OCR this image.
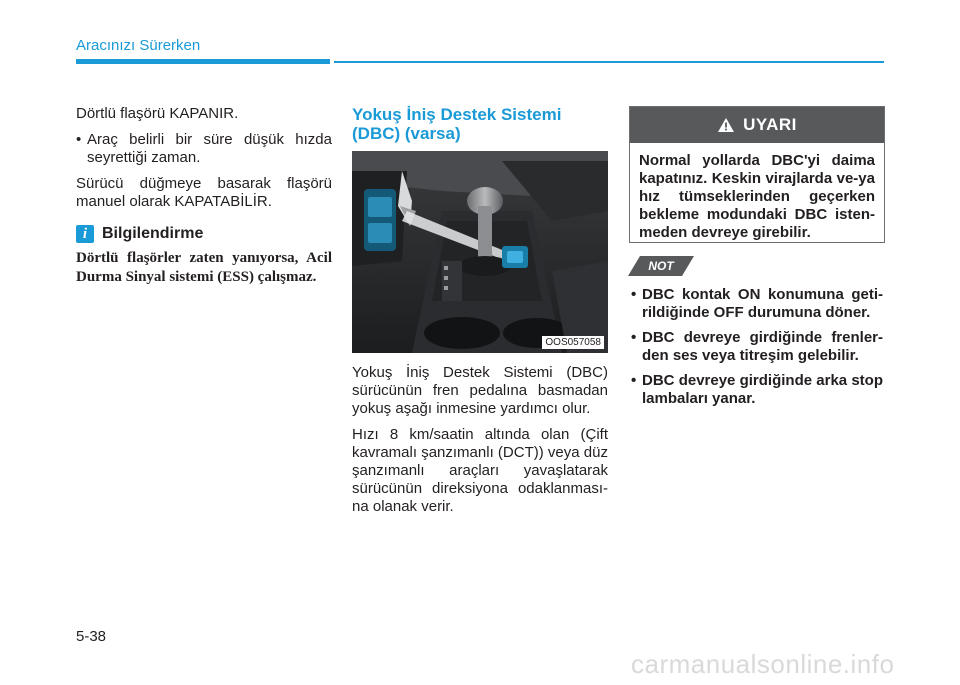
Aracınızı Sürerken

Dörtlü flaşörü KAPANIR.

• Araç belirli bir süre düşük hızda seyrettiği zaman.

Sürücü düğmeye basarak flaşörü manuel olarak KAPATABİLİR.

i Bilgilendirme
Dörtlü flaşörler zaten yanıyorsa, Acil Durma Sinyal sistemi (ESS) çalışmaz.
Yokuş İniş Destek Sistemi
(DBC) (varsa)
OOS057058

Yokuş İniş Destek Sistemi (DBC) sürücünün fren pedalına basmadan yokuş aşağı inmesine yardımcı olur.

Hızı 8 km/saatin altında olan (Çift kavramalı şanzımanlı (DCT)) veya düz şanzımanlı araçları yavaşlatarak sürücünün direksiyona odaklanması-na olanak verir.

UYARI
Normal yollarda DBC'yi daima kapatınız. Keskin virajlarda ve-ya hız tümseklerinden geçerken bekleme modundaki DBC isten-meden devreye girebilir.
NOT
• DBC kontak ON konumuna geti-rildiğinde OFF durumuna döner.
• DBC devreye girdiğinde frenler-den ses veya titreşim gelebilir.
• DBC devreye girdiğinde arka stop lambaları yanar.
5-38
carmanualsonline.info
